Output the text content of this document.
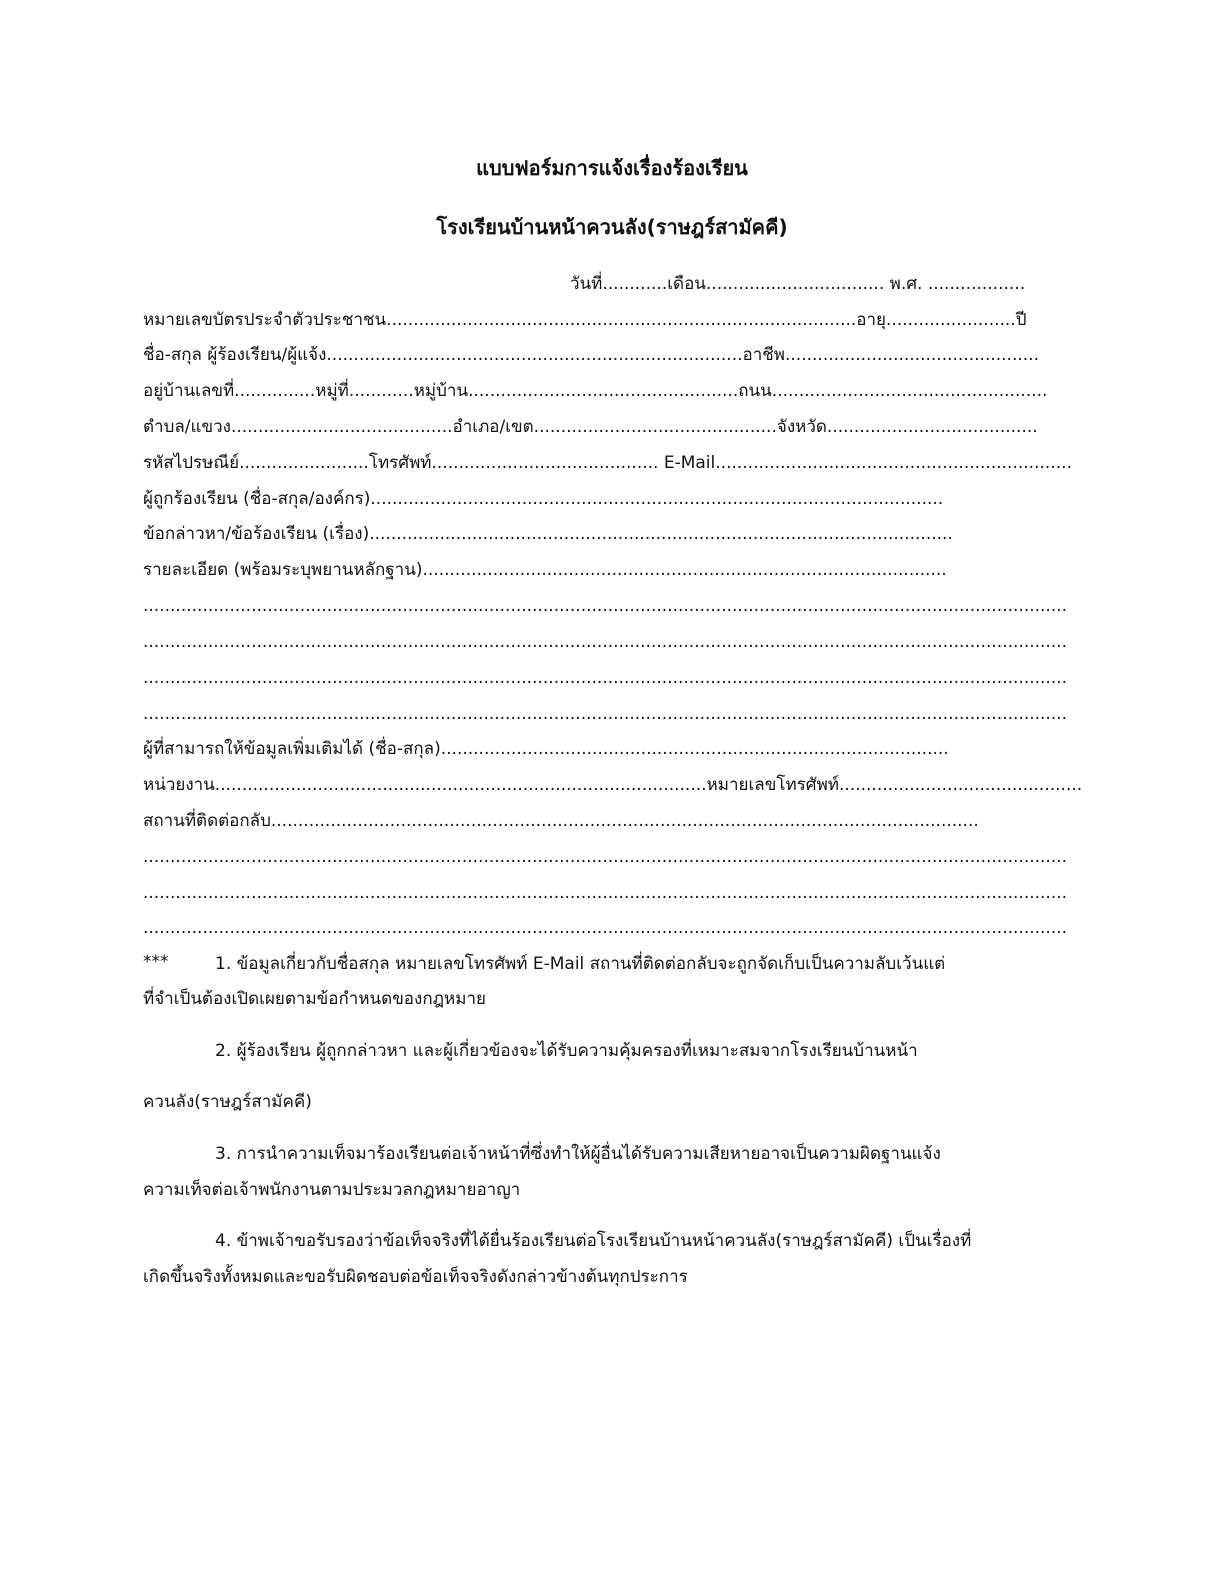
แบบฟอร์มการแจ้งเรื่องร้องเรียน
โรงเรียนบ้านหน้าควนลัง(ราษฎร์สามัคคี)
วันที่............เดือน................................. พ.ศ. ..................
หมายเลขบัตรประจำตัวประชาชน.......................................................................................อายุ........................ปี
ชื่อ-สกุล ผู้ร้องเรียน/ผู้แจ้ง.............................................................................อาชีพ...............................................
อยู่บ้านเลขที่...............หมู่ที่............หมู่บ้าน..................................................ถนน...................................................
ตำบล/แขวง.........................................อำเภอ/เขต.............................................จังหวัด.......................................
รหัสไปรษณีย์........................โทรศัพท์.......................................... E-Mail..................................................................
ผู้ถูกร้องเรียน (ชื่อ-สกุล/องค์กร)..........................................................................................................
ข้อกล่าวหา/ข้อร้องเรียน (เรื่อง)............................................................................................................
รายละเอียด (พร้อมระบุพยานหลักฐาน).................................................................................................
...........................................................................................................................................................................
...........................................................................................................................................................................
...........................................................................................................................................................................
...........................................................................................................................................................................
ผู้ที่สามารถให้ข้อมูลเพิ่มเติมได้ (ชื่อ-สกุล)..............................................................................................
หน่วยงาน...........................................................................................หมายเลขโทรศัพท์.............................................
สถานที่ติดต่อกลับ...................................................................................................................................
...........................................................................................................................................................................
...........................................................................................................................................................................
...........................................................................................................................................................................
***	1. ข้อมูลเกี่ยวกับชื่อสกุล หมายเลขโทรศัพท์ E-Mail สถานที่ติดต่อกลับจะถูกจัดเก็บเป็นความลับเว้นแต่
ที่จำเป็นต้องเปิดเผยตามข้อกำหนดของกฎหมาย
2. ผู้ร้องเรียน ผู้ถูกกล่าวหา และผู้เกี่ยวข้องจะได้รับความคุ้มครองที่เหมาะสมจากโรงเรียนบ้านหน้า
ควนลัง(ราษฎร์สามัคคี)
3. การนำความเท็จมาร้องเรียนต่อเจ้าหน้าที่ซึ่งทำให้ผู้อื่นได้รับความเสียหายอาจเป็นความผิดฐานแจ้ง
ความเท็จต่อเจ้าพนักงานตามประมวลกฎหมายอาญา
4. ข้าพเจ้าขอรับรองว่าข้อเท็จจริงที่ได้ยื่นร้องเรียนต่อโรงเรียนบ้านหน้าควนลัง(ราษฎร์สามัคคี) เป็นเรื่องที่
เกิดขึ้นจริงทั้งหมดและขอรับผิดชอบต่อข้อเท็จจริงดังกล่าวข้างต้นทุกประการ
